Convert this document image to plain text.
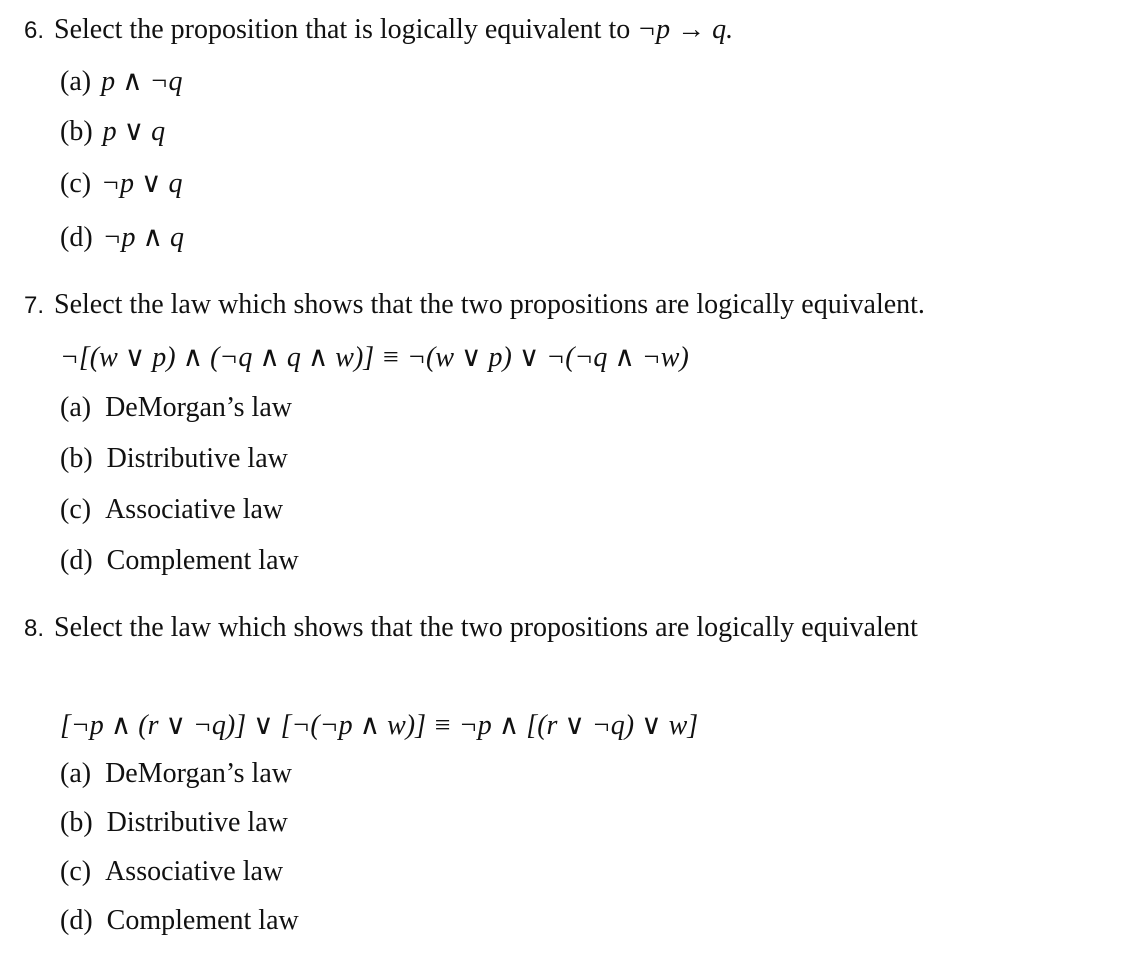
6. Select the proposition that is logically equivalent to ¬p → q.
(a) p ∧ ¬q
(b) p ∨ q
(c) ¬p ∨ q
(d) ¬p ∧ q
7. Select the law which shows that the two propositions are logically equivalent.
¬[(w ∨ p) ∧ (¬q ∧ q ∧ w)] ≡ ¬(w ∨ p) ∨ ¬(¬q ∧ ¬w)
(a) DeMorgan’s law
(b) Distributive law
(c) Associative law
(d) Complement law
8. Select the law which shows that the two propositions are logically equivalent
[¬p ∧ (r ∨ ¬q)] ∨ [¬(¬p ∧ w)] ≡ ¬p ∧ [(r ∨ ¬q) ∨ w]
(a) DeMorgan’s law
(b) Distributive law
(c) Associative law
(d) Complement law
